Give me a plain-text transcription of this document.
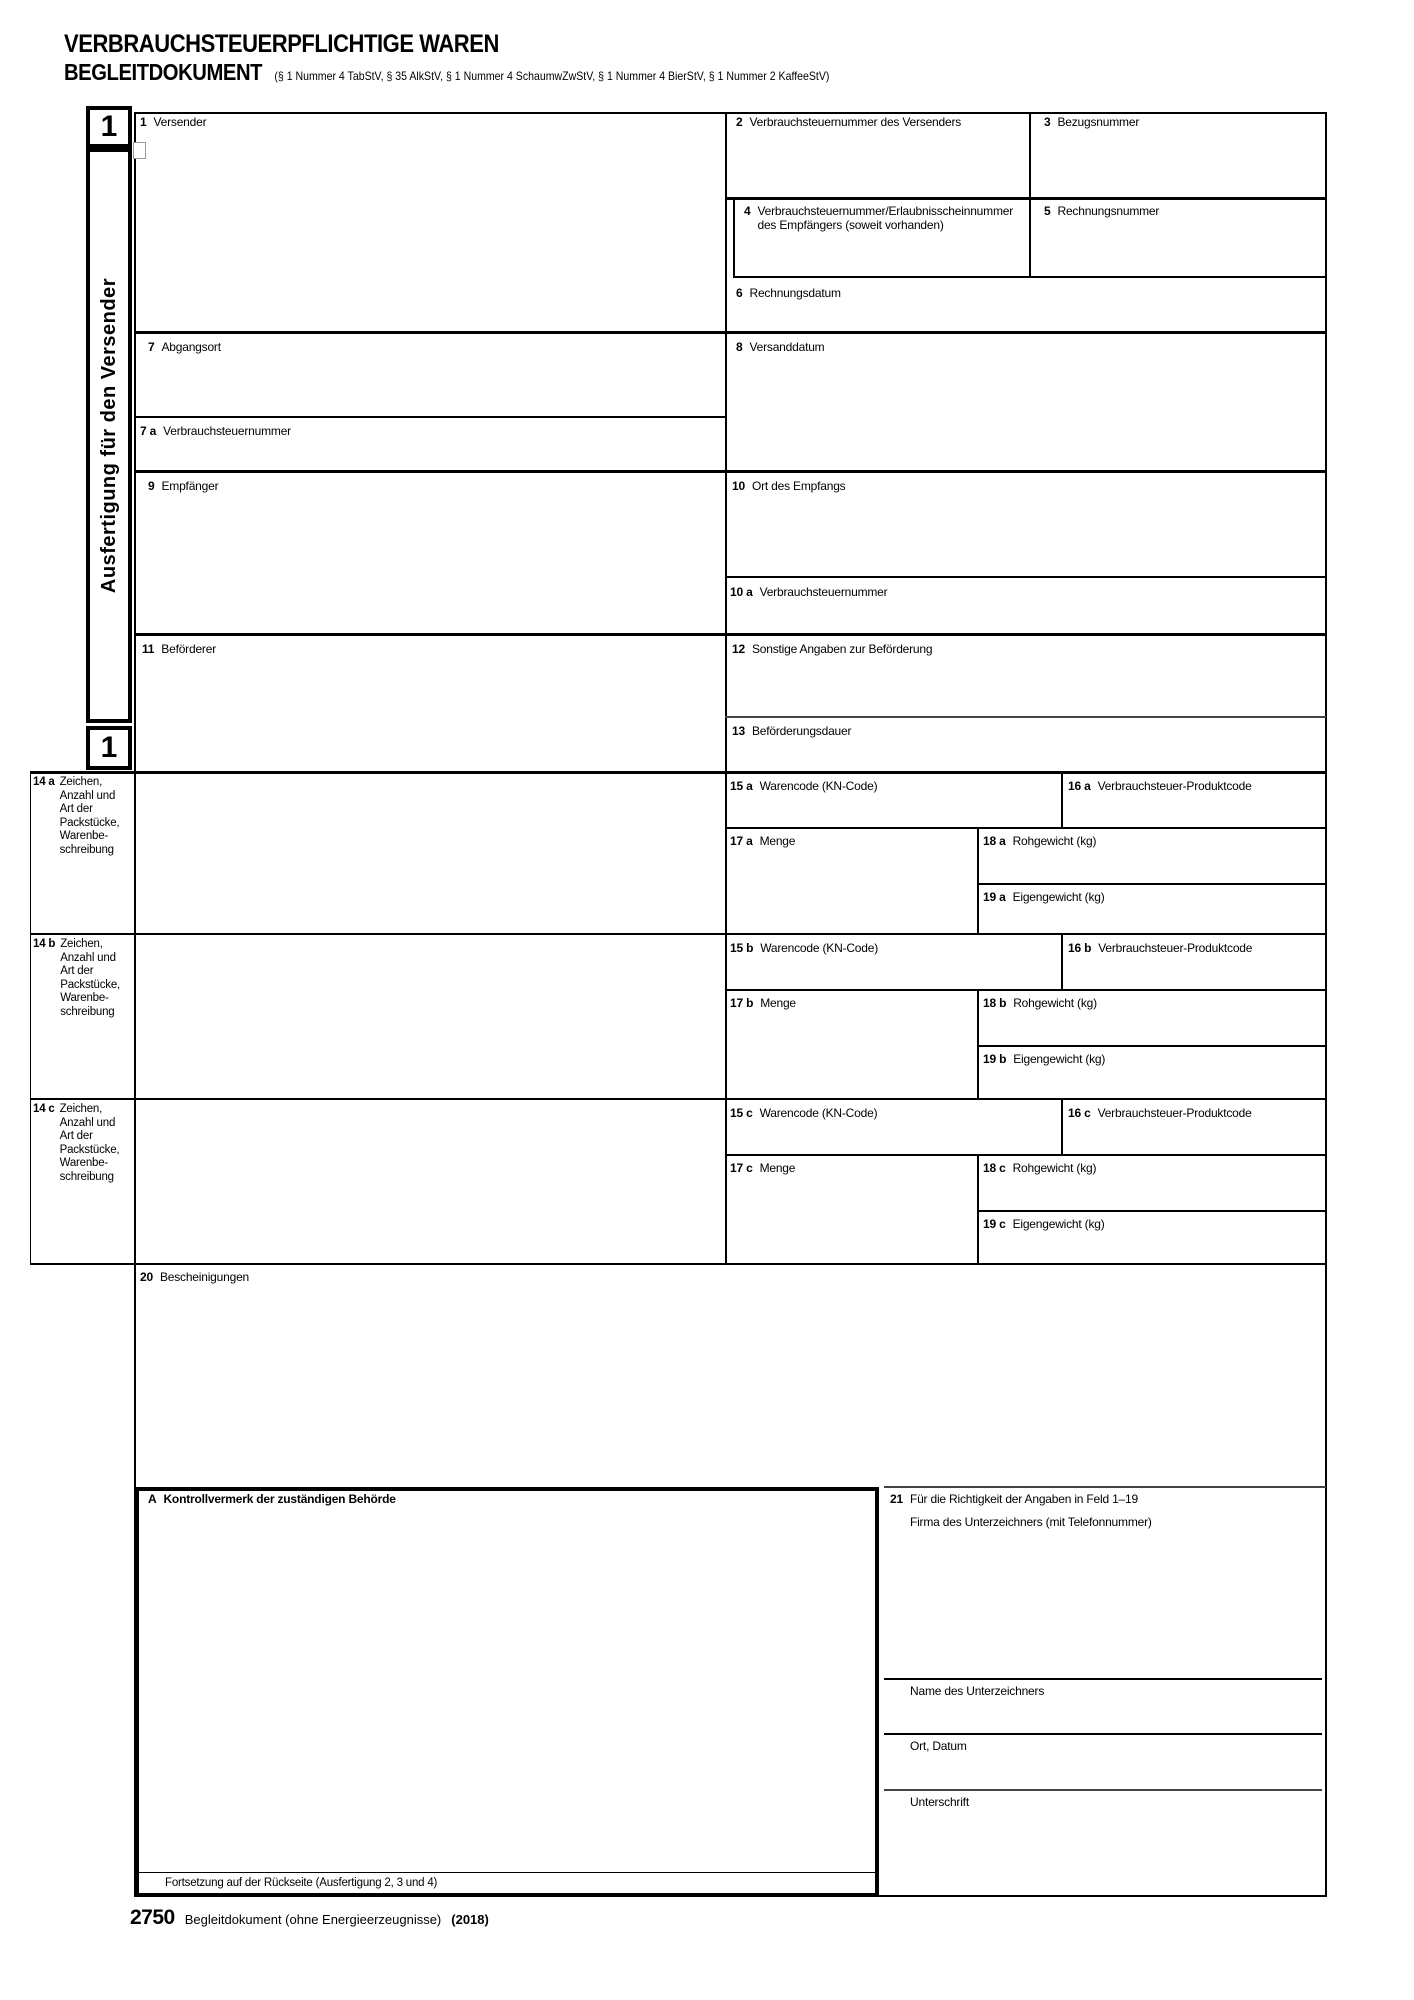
VERBRAUCHSTEUERPFLICHTIGE WAREN
BEGLEITDOKUMENT (§ 1 Nummer 4 TabStV, § 35 AlkStV, § 1 Nummer 4 SchaumwZwStV, § 1 Nummer 4 BierStV, § 1 Nummer 2 KaffeeStV)
1
Ausfertigung für den Versender
1
1 Versender	2 Verbrauchsteuernummer des Versenders	3 Bezugsnummer
4 Verbrauchsteuernummer/Erlaubnisscheinnummer des Empfängers (soweit vorhanden)
5 Rechnungsnummer
6 Rechnungsdatum
7 Abgangsort
7 a Verbrauchsteuernummer
8 Versanddatum
9 Empfänger	10 Ort des Empfangs
10 a Verbrauchsteuernummer
11 Beförderer	12 Sonstige Angaben zur Beförderung
13 Beförderungsdauer
14 a Zeichen,
Anzahl und
Art der
Packstücke,
Warenbe-
schreibung
15 a Warencode (KN-Code)	16 a Verbrauchsteuer-Produktcode
17 a Menge	18 a Rohgewicht (kg)
19 a Eigengewicht (kg)
14 b Zeichen,
Anzahl und
Art der
Packstücke,
Warenbe-
schreibung
15 b Warencode (KN-Code)	16 b Verbrauchsteuer-Produktcode
17 b Menge	18 b Rohgewicht (kg)
19 b Eigengewicht (kg)
14 c Zeichen,
Anzahl und
Art der
Packstücke,
Warenbe-
schreibung
15 c Warencode (KN-Code)	16 c Verbrauchsteuer-Produktcode
17 c Menge	18 c Rohgewicht (kg)
19 c Eigengewicht (kg)
20 Bescheinigungen
A Kontrollvermerk der zuständigen Behörde	21 Für die Richtigkeit der Angaben in Feld 1–19
Firma des Unterzeichners (mit Telefonnummer)
Name des Unterzeichners
Ort, Datum
Unterschrift
Fortsetzung auf der Rückseite (Ausfertigung 2, 3 und 4)
2750 Begleitdokument (ohne Energieerzeugnisse) (2018)
